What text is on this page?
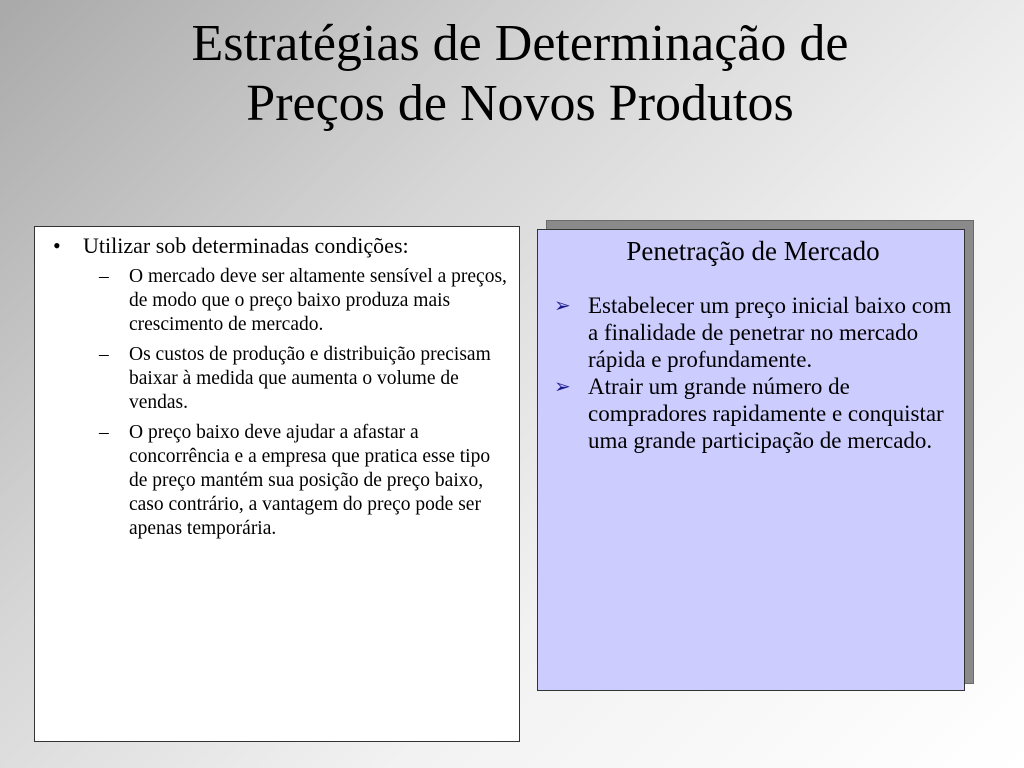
Estratégias de Determinação de
Preços de Novos Produtos
• Utilizar sob determinadas condições:
– O mercado deve ser altamente sensível a preços, de modo que o preço baixo produza mais crescimento de mercado.
– Os custos de produção e distribuição precisam baixar à medida que aumenta o volume de vendas.
– O preço baixo deve ajudar a afastar a concorrência e a empresa que pratica esse tipo de preço mantém sua posição de preço baixo, caso contrário, a vantagem do preço pode ser apenas temporária.
Penetração de Mercado
➢ Estabelecer um preço inicial baixo com a finalidade de penetrar no mercado rápida e profundamente.
➢ Atrair um grande número de compradores rapidamente e conquistar uma grande participação de mercado.
